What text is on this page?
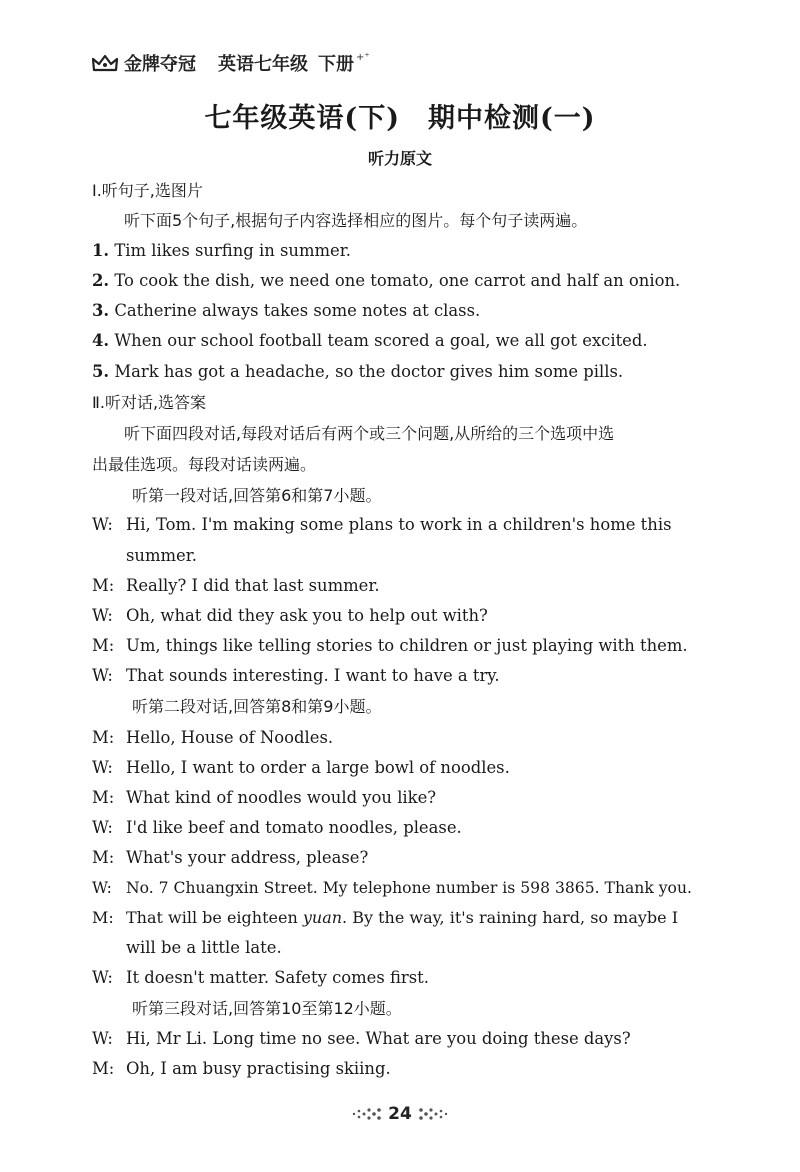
金牌夺冠 英语七年级 下册 +⁺
七年级英语(下)　期中检测(一)
听力原文
Ⅰ.听句子,选图片
听下面5个句子,根据句子内容选择相应的图片。每个句子读两遍。
1. Tim likes surfing in summer.
2. To cook the dish, we need one tomato, one carrot and half an onion.
3. Catherine always takes some notes at class.
4. When our school football team scored a goal, we all got excited.
5. Mark has got a headache, so the doctor gives him some pills.
Ⅱ.听对话,选答案
听下面四段对话,每段对话后有两个或三个问题,从所给的三个选项中选
出最佳选项。每段对话读两遍。
听第一段对话,回答第6和第7小题。
W: Hi, Tom. I'm making some plans to work in a children's home this
summer.
M: Really? I did that last summer.
W: Oh, what did they ask you to help out with?
M: Um, things like telling stories to children or just playing with them.
W: That sounds interesting. I want to have a try.
听第二段对话,回答第8和第9小题。
M: Hello, House of Noodles.
W: Hello, I want to order a large bowl of noodles.
M: What kind of noodles would you like?
W: I'd like beef and tomato noodles, please.
M: What's your address, please?
W: No. 7 Chuangxin Street. My telephone number is 598 3865. Thank you.
M: That will be eighteen yuan. By the way, it's raining hard, so maybe I
will be a little late.
W: It doesn't matter. Safety comes first.
听第三段对话,回答第10至第12小题。
W: Hi, Mr Li. Long time no see. What are you doing these days?
M: Oh, I am busy practising skiing.
24
